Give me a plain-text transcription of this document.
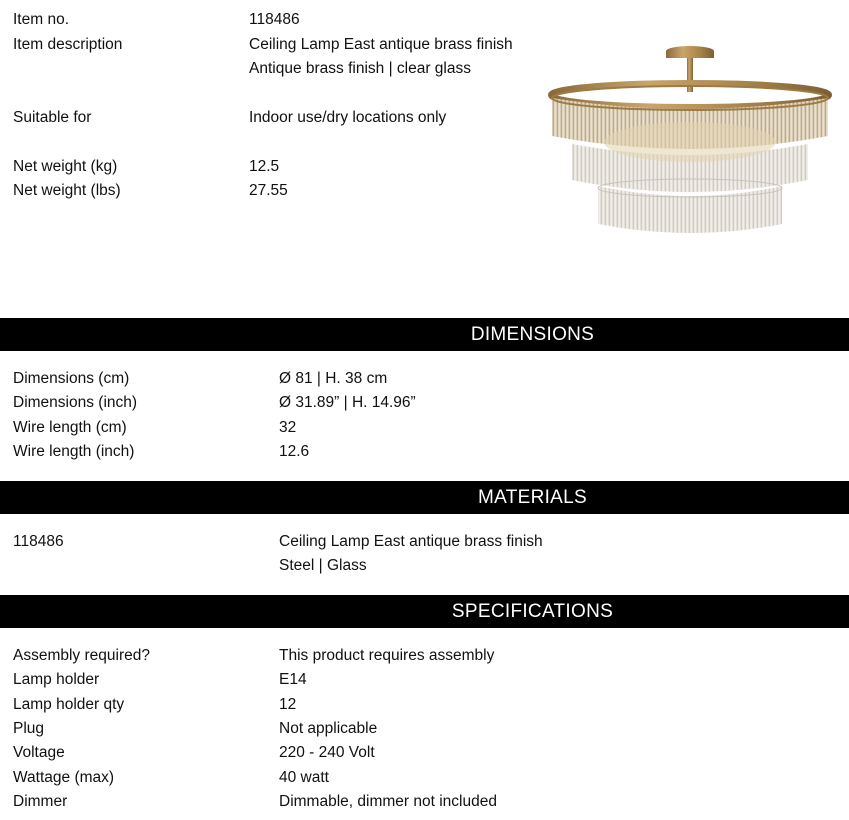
Item no.	118486
Item description	Ceiling Lamp East antique brass finish
Antique brass finish | clear glass
Suitable for	Indoor use/dry locations only
Net weight (kg)	12.5
Net weight (lbs)	27.55
DIMENSIONS
Dimensions (cm)	Ø 81 | H. 38 cm
Dimensions (inch)	Ø 31.89” | H. 14.96”
Wire length (cm)	32
Wire length (inch)	12.6
MATERIALS
118486	Ceiling Lamp East antique brass finish
Steel | Glass
SPECIFICATIONS
Assembly required?	This product requires assembly
Lamp holder	E14
Lamp holder qty	12
Plug	Not applicable
Voltage	220 - 240 Volt
Wattage (max)	40 watt
Dimmer	Dimmable, dimmer not included
